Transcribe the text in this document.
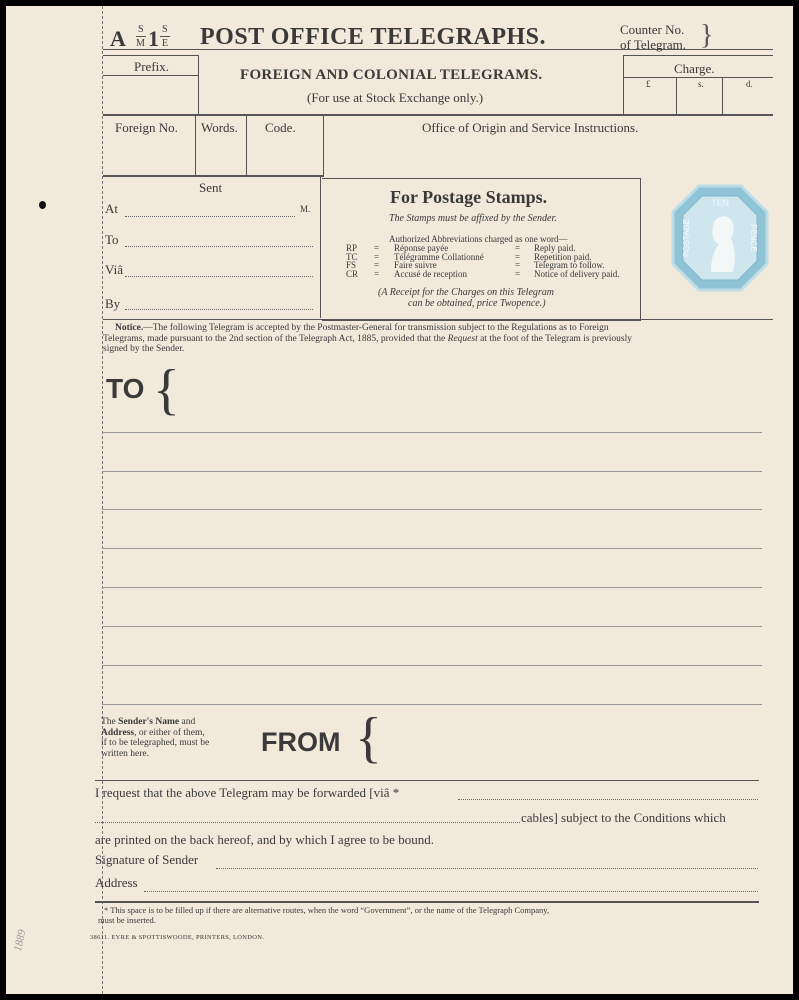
A S
M 1 S
E POST OFFICE TELEGRAPHS.	Counter No.
of Telegram. }
Prefix.
FOREIGN AND COLONIAL TELEGRAMS.
(For use at Stock Exchange only.)
Charge.
£	s.	d.
Foreign No. Words. Code.	Office of Origin and Service Instructions.
Sent
At	M.
To
Viâ
By
For Postage Stamps.
The Stamps must be affixed by the Sender.
Authorized Abbreviations charged as one word—
RP = Réponse payée	= Reply paid.
TC = Télégramme Collationné	= Repetition paid.
FS = Faire suivre	= Telegram to follow.
CR = Accusé de reception	= Notice of delivery paid.
(A Receipt for the Charges on this Telegram
can be obtained, price Twopence.)
TEN
POSTAGE	PENCE
Notice.—The following Telegram is accepted by the Postmaster-General for transmission subject to the Regulations as to Foreign
Telegrams, made pursuant to the 2nd section of the Telegraph Act, 1885, provided that the Request at the foot of the Telegram is previously
signed by the Sender.
TO {
The Sender's Name and
Address, or either of them,
if to be telegraphed, must be
written here.	FROM {
I request that the above Telegram may be forwarded [viâ *
cables] subject to the Conditions which
are printed on the back hereof, and by which I agree to be bound.
Signature of Sender
Address
* This space is to be filled up if there are alternative routes, when the word “Government”, or the name of the Telegraph Company,
must be inserted.
38611. EYRE & SPOTTISWOODE, PRINTERS, LONDON.
1889
